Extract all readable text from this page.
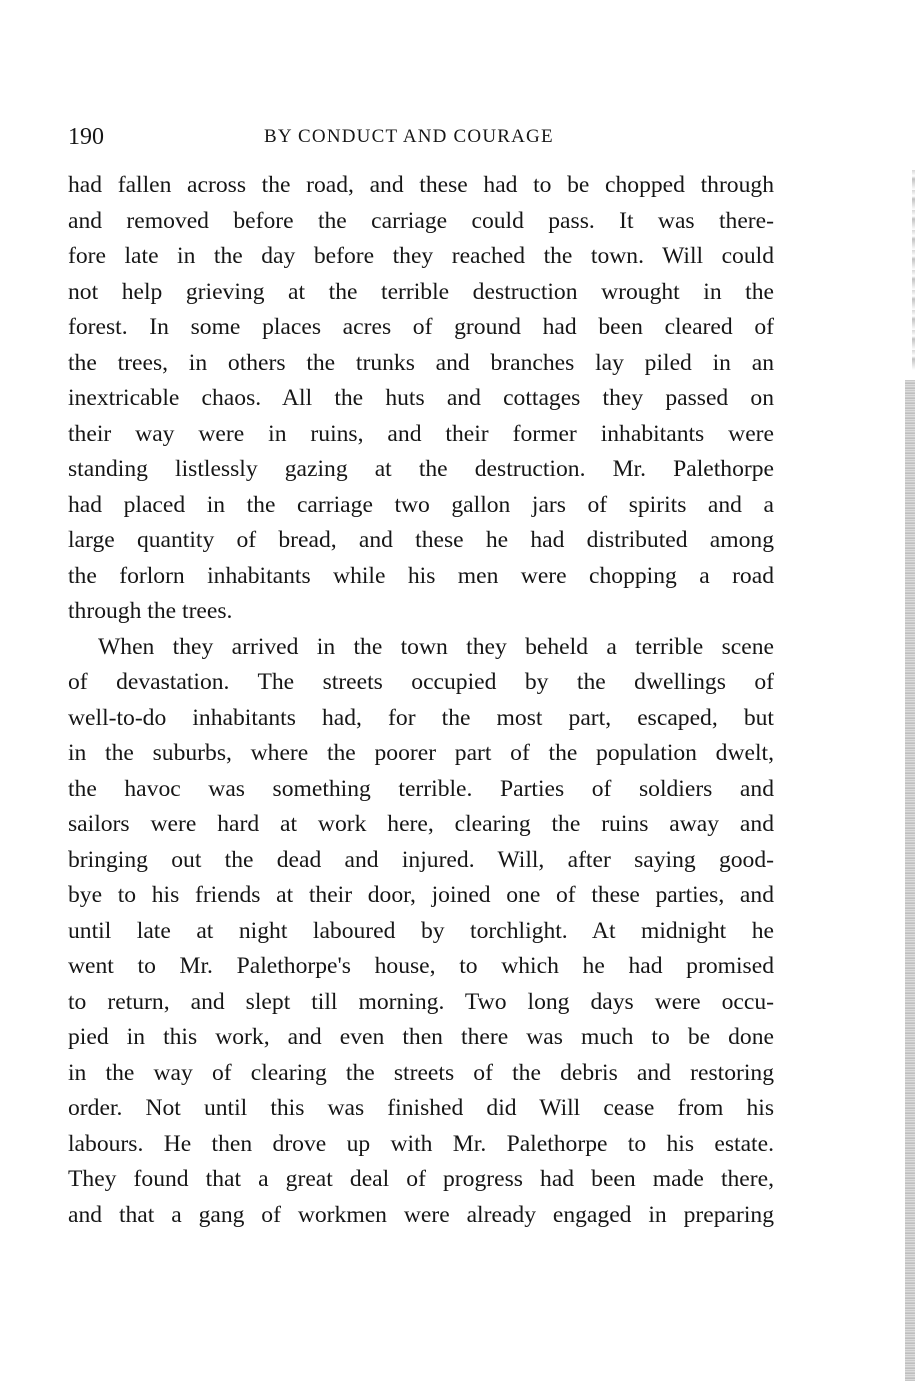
190	BY CONDUCT AND COURAGE
had fallen across the road, and these had to be chopped through
and removed before the carriage could pass. It was there-
fore late in the day before they reached the town. Will could
not help grieving at the terrible destruction wrought in the
forest. In some places acres of ground had been cleared of
the trees, in others the trunks and branches lay piled in an
inextricable chaos. All the huts and cottages they passed on
their way were in ruins, and their former inhabitants were
standing listlessly gazing at the destruction. Mr. Palethorpe
had placed in the carriage two gallon jars of spirits and a
large quantity of bread, and these he had distributed among
the forlorn inhabitants while his men were chopping a road
through the trees.
When they arrived in the town they beheld a terrible scene
of devastation. The streets occupied by the dwellings of
well-to-do inhabitants had, for the most part, escaped, but
in the suburbs, where the poorer part of the population dwelt,
the havoc was something terrible. Parties of soldiers and
sailors were hard at work here, clearing the ruins away and
bringing out the dead and injured. Will, after saying good-
bye to his friends at their door, joined one of these parties, and
until late at night laboured by torchlight. At midnight he
went to Mr. Palethorpe's house, to which he had promised
to return, and slept till morning. Two long days were occu-
pied in this work, and even then there was much to be done
in the way of clearing the streets of the debris and restoring
order. Not until this was finished did Will cease from his
labours. He then drove up with Mr. Palethorpe to his estate.
They found that a great deal of progress had been made there,
and that a gang of workmen were already engaged in preparing
